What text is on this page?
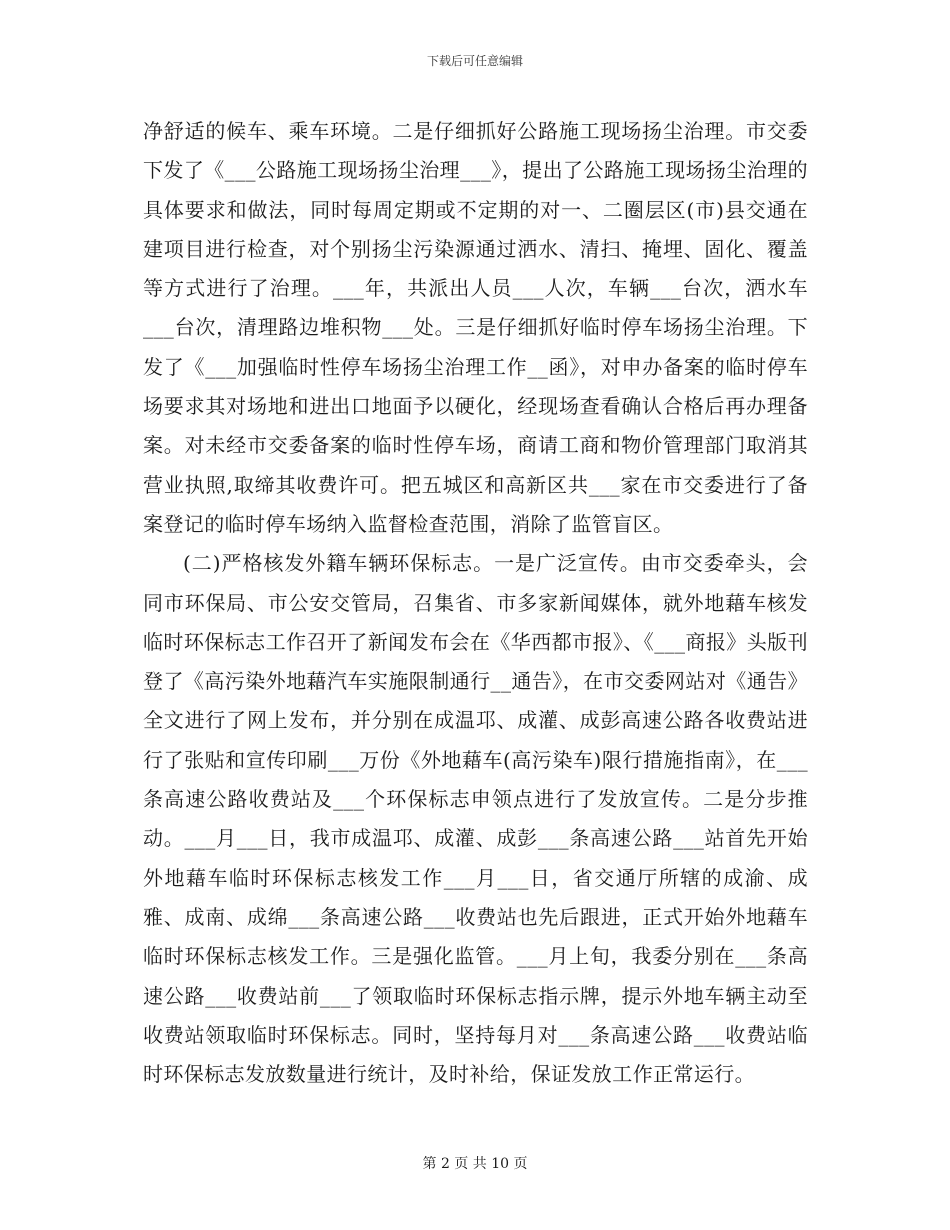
下载后可任意编辑

净舒适的候车、乘车环境。二是仔细抓好公路施工现场扬尘治理。市交委下发了《___公路施工现场扬尘治理___》，提出了公路施工现场扬尘治理的具体要求和做法，同时每周定期或不定期的对一、二圈层区(市)县交通在建项目进行检查，对个别扬尘污染源通过洒水、清扫、掩埋、固化、覆盖等方式进行了治理。___年，共派出人员___人次，车辆___台次，洒水车___台次，清理路边堆积物___处。三是仔细抓好临时停车场扬尘治理。下发了《___加强临时性停车场扬尘治理工作__函》，对申办备案的临时停车场要求其对场地和进出口地面予以硬化，经现场查看确认合格后再办理备案。对未经市交委备案的临时性停车场，商请工商和物价管理部门取消其营业执照,取缔其收费许可。把五城区和高新区共___家在市交委进行了备案登记的临时停车场纳入监督检查范围，消除了监管盲区。

(二)严格核发外籍车辆环保标志。一是广泛宣传。由市交委牵头，会同市环保局、市公安交管局，召集省、市多家新闻媒体，就外地藉车核发临时环保标志工作召开了新闻发布会在《华西都市报》、《___商报》头版刊登了《高污染外地藉汽车实施限制通行__通告》，在市交委网站对《通告》全文进行了网上发布，并分别在成温邛、成灌、成彭高速公路各收费站进行了张贴和宣传印刷___万份《外地藉车(高污染车)限行措施指南》，在___条高速公路收费站及___个环保标志申领点进行了发放宣传。二是分步推动。___月___日，我市成温邛、成灌、成彭___条高速公路___站首先开始外地藉车临时环保标志核发工作___月___日，省交通厅所辖的成渝、成雅、成南、成绵___条高速公路___收费站也先后跟进，正式开始外地藉车临时环保标志核发工作。三是强化监管。___月上旬，我委分别在___条高速公路___收费站前___了领取临时环保标志指示牌，提示外地车辆主动至收费站领取临时环保标志。同时，坚持每月对___条高速公路___收费站临时环保标志发放数量进行统计，及时补给，保证发放工作正常运行。

第 2 页 共 10 页
